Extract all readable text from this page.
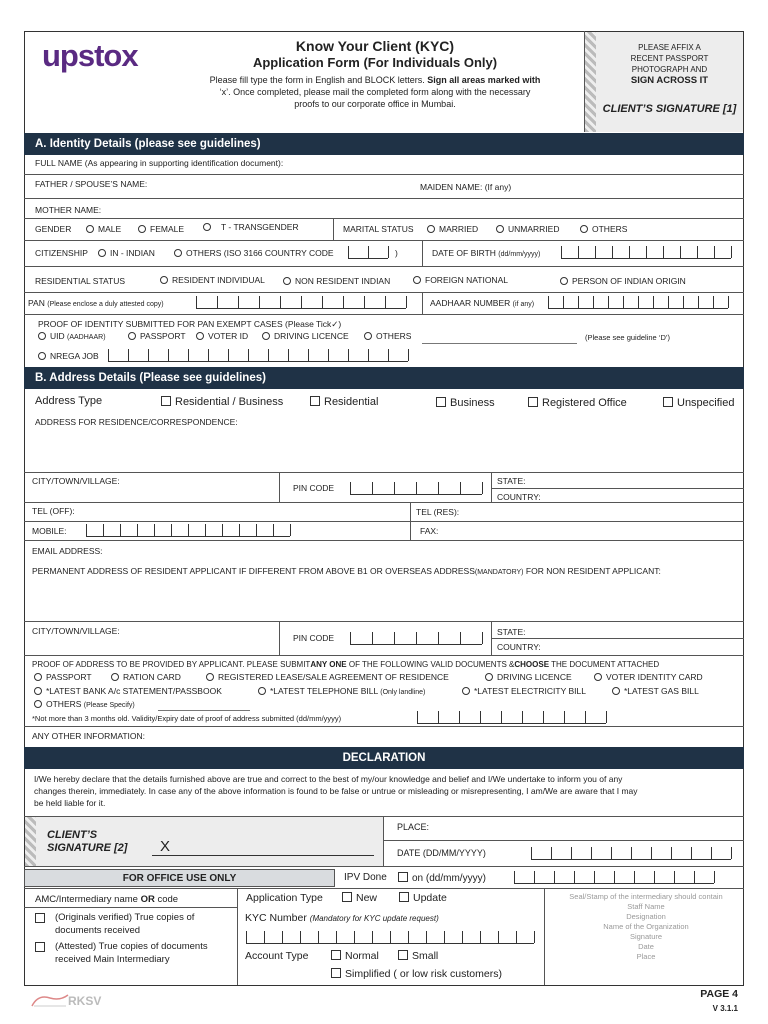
upstox	Know Your Client (KYC)
Application Form (For Individuals Only)
Please fill type the form in English and BLOCK letters. Sign all areas marked with
‘x’. Once completed, please mail the completed form along with the necessary
proofs to our corporate office in Mumbai.
PLEASE AFFIX A
RECENT PASSPORT
PHOTOGRAPH AND
SIGN ACROSS IT
CLIENT’S SIGNATURE [1]
A. Identity Details (please see guidelines)
FULL NAME (As appearing in supporting identification document):
FATHER / SPOUSE’S NAME:	MAIDEN NAME: (If any)
MOTHER NAME:
GENDER	MALE	FEMALE	T - TRANSGENDER	MARITAL STATUS	MARRIED	UNMARRIED	OTHERS
CITIZENSHIP	IN - INDIAN	OTHERS (ISO 3166 COUNTRY CODE	)	DATE OF BIRTH (dd/mm/yyyy)
RESIDENTIAL STATUS	RESIDENT INDIVIDUAL	NON RESIDENT INDIAN	FOREIGN NATIONAL	PERSON OF INDIAN ORIGIN
PAN (Please enclose a duly attested copy)	AADHAAR NUMBER (if any)
PROOF OF IDENTITY SUBMITTED FOR PAN EXEMPT CASES (Please Tick✓)
UID (AADHAAR)	PASSPORT	VOTER ID	DRIVING LICENCE	OTHERS	(Please see guideline ‘D’)
NREGA JOB
B. Address Details (Please see guidelines)
Address Type	Residential / Business	Residential	Business	Registered Office	Unspecified
ADDRESS FOR RESIDENCE/CORRESPONDENCE:
CITY/TOWN/VILLAGE:
PIN CODE
STATE:
COUNTRY:
TEL (OFF):	TEL (RES):
MOBILE:	FAX:
EMAIL ADDRESS:
PERMANENT ADDRESS OF RESIDENT APPLICANT IF DIFFERENT FROM ABOVE B1 OR OVERSEAS ADDRESS(MANDATORY) FOR NON RESIDENT APPLICANT:
CITY/TOWN/VILLAGE:
PIN CODE
STATE:
COUNTRY:
PROOF OF ADDRESS TO BE PROVIDED BY APPLICANT. PLEASE SUBMITANY ONE OF THE FOLLOWING VALID DOCUMENTS &CHOOSE THE DOCUMENT ATTACHED
PASSPORT	RATION CARD	REGISTERED LEASE/SALE AGREEMENT OF RESIDENCE	DRIVING LICENCE	VOTER IDENTITY CARD
*LATEST BANK A/c STATEMENT/PASSBOOK	*LATEST TELEPHONE BILL (Only landline)	*LATEST ELECTRICITY BILL	*LATEST GAS BILL
OTHERS (Please Specify)
*Not more than 3 months old. Validity/Expiry date of proof of address submitted (dd/mm/yyyy)
ANY OTHER INFORMATION:
DECLARATION
I/We hereby declare that the details furnished above are true and correct to the best of my/our knowledge and belief and I/We undertake to inform you of any
changes therein, immediately. In case any of the above information is found to be false or untrue or misleading or misrepresenting, I am/We are aware that I may
be held liable for it.
CLIENT’S
SIGNATURE [2] X
PLACE:
DATE (DD/MM/YYYY)
FOR OFFICE USE ONLY	IPV Done	on (dd/mm/yyyy)
AMC/Intermediary name OR code
(Originals verified) True copies of
documents received
(Attested) True copies of documents
received Main Intermediary
Application Type	New	Update
KYC Number (Mandatory for KYC update request)
Account Type	Normal	Small
Simplified ( or low risk customers)
Seal/Stamp of the intermediary should contain
Staff Name
Designation
Name of the Organization
Signature
Date
Place
RKSV	PAGE 4
V 3.1.1
